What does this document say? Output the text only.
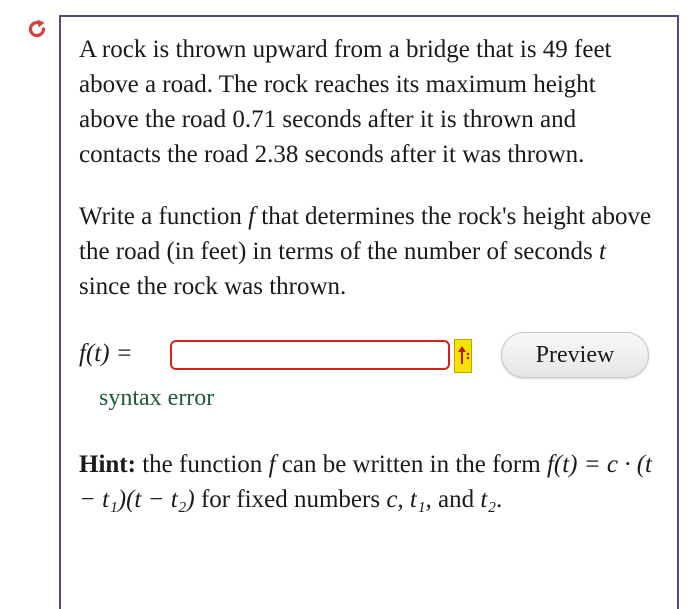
A rock is thrown upward from a bridge that is 49 feet above a road. The rock reaches its maximum height above the road 0.71 seconds after it is thrown and contacts the road 2.38 seconds after it was thrown.

Write a function f that determines the rock's height above the road (in feet) in terms of the number of seconds t since the rock was thrown.

f(t) =	Preview
syntax error

Hint: the function f can be written in the form f(t) = c · (t − t₁)(t − t₂) for fixed numbers c, t₁, and t₂.
